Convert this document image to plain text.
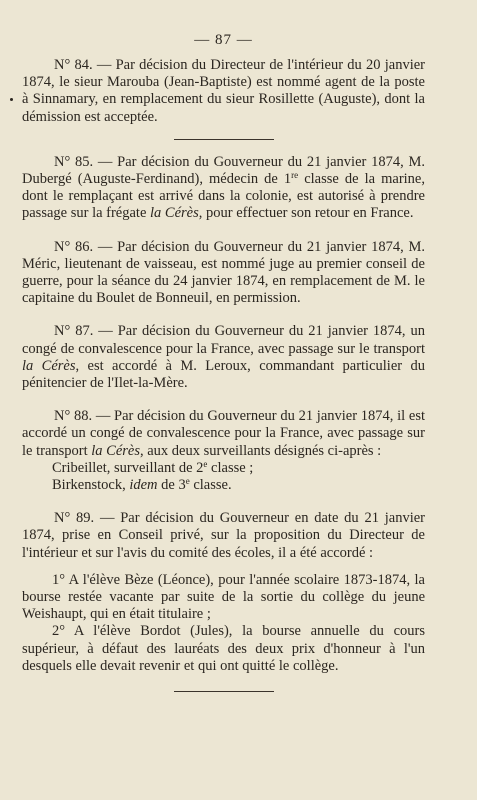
— 87 —

N° 84. — Par décision du Directeur de l'intérieur du 20 janvier 1874, le sieur Marouba (Jean-Baptiste) est nommé agent de la poste à Sinnamary, en remplacement du sieur Rosillette (Auguste), dont la démission est acceptée.

N° 85. — Par décision du Gouverneur du 21 janvier 1874, M. Dubergé (Auguste-Ferdinand), médecin de 1re classe de la marine, dont le remplaçant est arrivé dans la colonie, est autorisé à prendre passage sur la frégate la Cérès, pour effectuer son retour en France.

N° 86. — Par décision du Gouverneur du 21 janvier 1874, M. Méric, lieutenant de vaisseau, est nommé juge au premier conseil de guerre, pour la séance du 24 janvier 1874, en remplacement de M. le capitaine du Boulet de Bonneuil, en permission.

N° 87. — Par décision du Gouverneur du 21 janvier 1874, un congé de convalescence pour la France, avec passage sur le transport la Cérès, est accordé à M. Leroux, commandant particulier du pénitencier de l'Ilet-la-Mère.

N° 88. — Par décision du Gouverneur du 21 janvier 1874, il est accordé un congé de convalescence pour la France, avec passage sur le transport la Cérès, aux deux surveillants désignés ci-après :

Cribeillet, surveillant de 2e classe ;

Birkenstock, idem de 3e classe.

N° 89. — Par décision du Gouverneur en date du 21 janvier 1874, prise en Conseil privé, sur la proposition du Directeur de l'intérieur et sur l'avis du comité des écoles, il a été accordé :

1° A l'élève Bèze (Léonce), pour l'année scolaire 1873-1874, la bourse restée vacante par suite de la sortie du collège du jeune Weishaupt, qui en était titulaire ;

2° A l'élève Bordot (Jules), la bourse annuelle du cours supérieur, à défaut des lauréats des deux prix d'honneur à l'un desquels elle devait revenir et qui ont quitté le collège.
